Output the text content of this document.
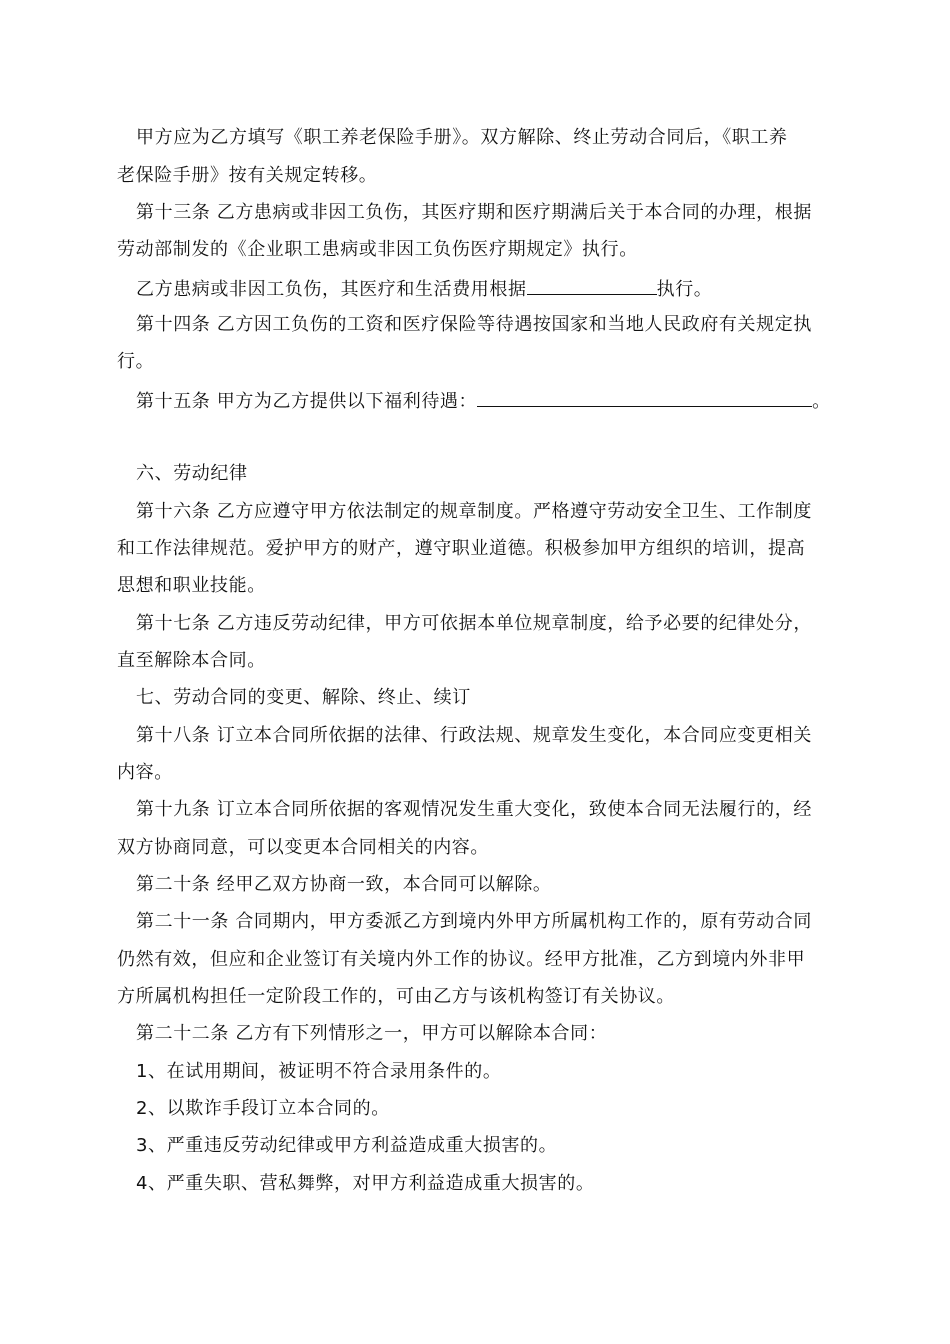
甲方应为乙方填写《职工养老保险手册》。双方解除、终止劳动合同后，《职工养
老保险手册》按有关规定转移。
第十三条 乙方患病或非因工负伤，其医疗期和医疗期满后关于本合同的办理，根据
劳动部制发的《企业职工患病或非因工负伤医疗期规定》执行。
乙方患病或非因工负伤，其医疗和生活费用根据	执行。
第十四条 乙方因工负伤的工资和医疗保险等待遇按国家和当地人民政府有关规定执
行。
第十五条 甲方为乙方提供以下福利待遇：	。
六、劳动纪律
第十六条 乙方应遵守甲方依法制定的规章制度。严格遵守劳动安全卫生、工作制度
和工作法律规范。爱护甲方的财产，遵守职业道德。积极参加甲方组织的培训，提高
思想和职业技能。
第十七条 乙方违反劳动纪律，甲方可依据本单位规章制度，给予必要的纪律处分，
直至解除本合同。
七、劳动合同的变更、解除、终止、续订
第十八条 订立本合同所依据的法律、行政法规、规章发生变化，本合同应变更相关
内容。
第十九条 订立本合同所依据的客观情况发生重大变化，致使本合同无法履行的，经
双方协商同意，可以变更本合同相关的内容。
第二十条 经甲乙双方协商一致，本合同可以解除。
第二十一条 合同期内，甲方委派乙方到境内外甲方所属机构工作的，原有劳动合同
仍然有效，但应和企业签订有关境内外工作的协议。经甲方批准，乙方到境内外非甲
方所属机构担任一定阶段工作的，可由乙方与该机构签订有关协议。
第二十二条 乙方有下列情形之一，甲方可以解除本合同：
1、在试用期间，被证明不符合录用条件的。
2、以欺诈手段订立本合同的。
3、严重违反劳动纪律或甲方利益造成重大损害的。
4、严重失职、营私舞弊，对甲方利益造成重大损害的。
